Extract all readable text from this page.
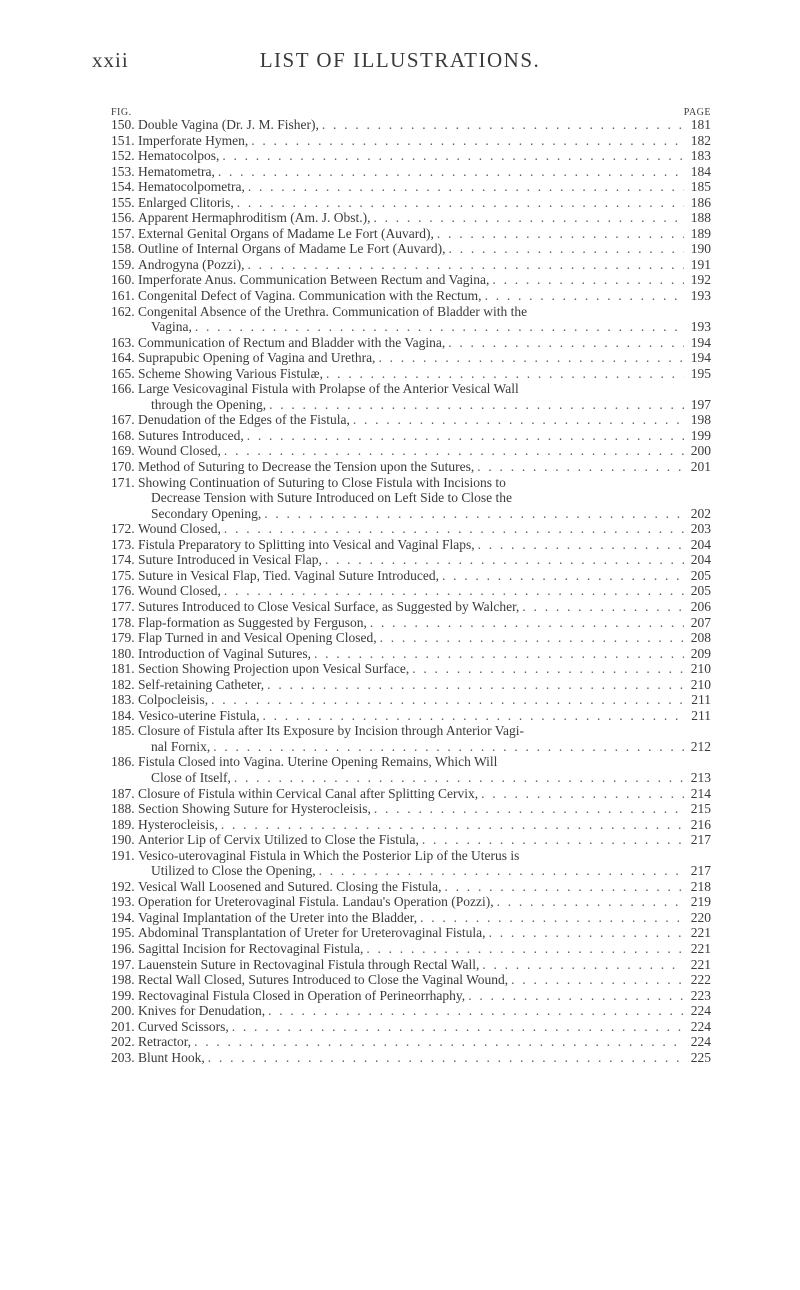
xxii	LIST OF ILLUSTRATIONS.
FIG.	PAGE
150. Double Vagina (Dr. J. M. Fisher), . . .	181
151. Imperforate Hymen, . . .	182
152. Hematocolpos, . . .	183
153. Hematometra, . . .	184
154. Hematocolpometra, . . .	185
155. Enlarged Clitoris, . . .	186
156. Apparent Hermaphroditism (Am. J. Obst.), . . .	188
157. External Genital Organs of Madame Le Fort (Auvard), . . .	189
158. Outline of Internal Organs of Madame Le Fort (Auvard), . . .	190
159. Androgyna (Pozzi), . . .	191
160. Imperforate Anus. Communication Between Rectum and Vagina, . . .	192
161. Congenital Defect of Vagina. Communication with the Rectum, . . .	193
162. Congenital Absence of the Urethra. Communication of Bladder with the
Vagina, . . .	193
163. Communication of Rectum and Bladder with the Vagina, . . .	194
164. Suprapubic Opening of Vagina and Urethra, . . .	194
165. Scheme Showing Various Fistulæ, . . .	195
166. Large Vesicovaginal Fistula with Prolapse of the Anterior Vesical Wall
through the Opening, . . .	197
167. Denudation of the Edges of the Fistula, . . .	198
168. Sutures Introduced, . . .	199
169. Wound Closed, . . .	200
170. Method of Suturing to Decrease the Tension upon the Sutures, . . .	201
171. Showing Continuation of Suturing to Close Fistula with Incisions to
Decrease Tension with Suture Introduced on Left Side to Close the
Secondary Opening, . . .	202
172. Wound Closed, . . .	203
173. Fistula Preparatory to Splitting into Vesical and Vaginal Flaps, . . .	204
174. Suture Introduced in Vesical Flap, . . .	204
175. Suture in Vesical Flap, Tied. Vaginal Suture Introduced, . . .	205
176. Wound Closed, . . .	205
177. Sutures Introduced to Close Vesical Surface, as Suggested by Walcher, . . .	206
178. Flap-formation as Suggested by Ferguson, . . .	207
179. Flap Turned in and Vesical Opening Closed, . . .	208
180. Introduction of Vaginal Sutures, . . .	209
181. Section Showing Projection upon Vesical Surface, . . .	210
182. Self-retaining Catheter, . . .	210
183. Colpocleisis, . . .	211
184. Vesico-uterine Fistula, . . .	211
185. Closure of Fistula after Its Exposure by Incision through Anterior Vagi-
nal Fornix, . . .	212
186. Fistula Closed into Vagina. Uterine Opening Remains, Which Will
Close of Itself, . . .	213
187. Closure of Fistula within Cervical Canal after Splitting Cervix, . . .	214
188. Section Showing Suture for Hysterocleisis, . . .	215
189. Hysterocleisis, . . .	216
190. Anterior Lip of Cervix Utilized to Close the Fistula, . . .	217
191. Vesico-uterovaginal Fistula in Which the Posterior Lip of the Uterus is
Utilized to Close the Opening, . . .	217
192. Vesical Wall Loosened and Sutured. Closing the Fistula, . . .	218
193. Operation for Ureterovaginal Fistula. Landau's Operation (Pozzi), . . .	219
194. Vaginal Implantation of the Ureter into the Bladder, . . .	220
195. Abdominal Transplantation of Ureter for Ureterovaginal Fistula, . . .	221
196. Sagittal Incision for Rectovaginal Fistula, . . .	221
197. Lauenstein Suture in Rectovaginal Fistula through Rectal Wall, . . .	221
198. Rectal Wall Closed, Sutures Introduced to Close the Vaginal Wound, . . .	222
199. Rectovaginal Fistula Closed in Operation of Perineorrhaphy, . . .	223
200. Knives for Denudation, . . .	224
201. Curved Scissors, . . .	224
202. Retractor, . . .	224
203. Blunt Hook, . . .	225
